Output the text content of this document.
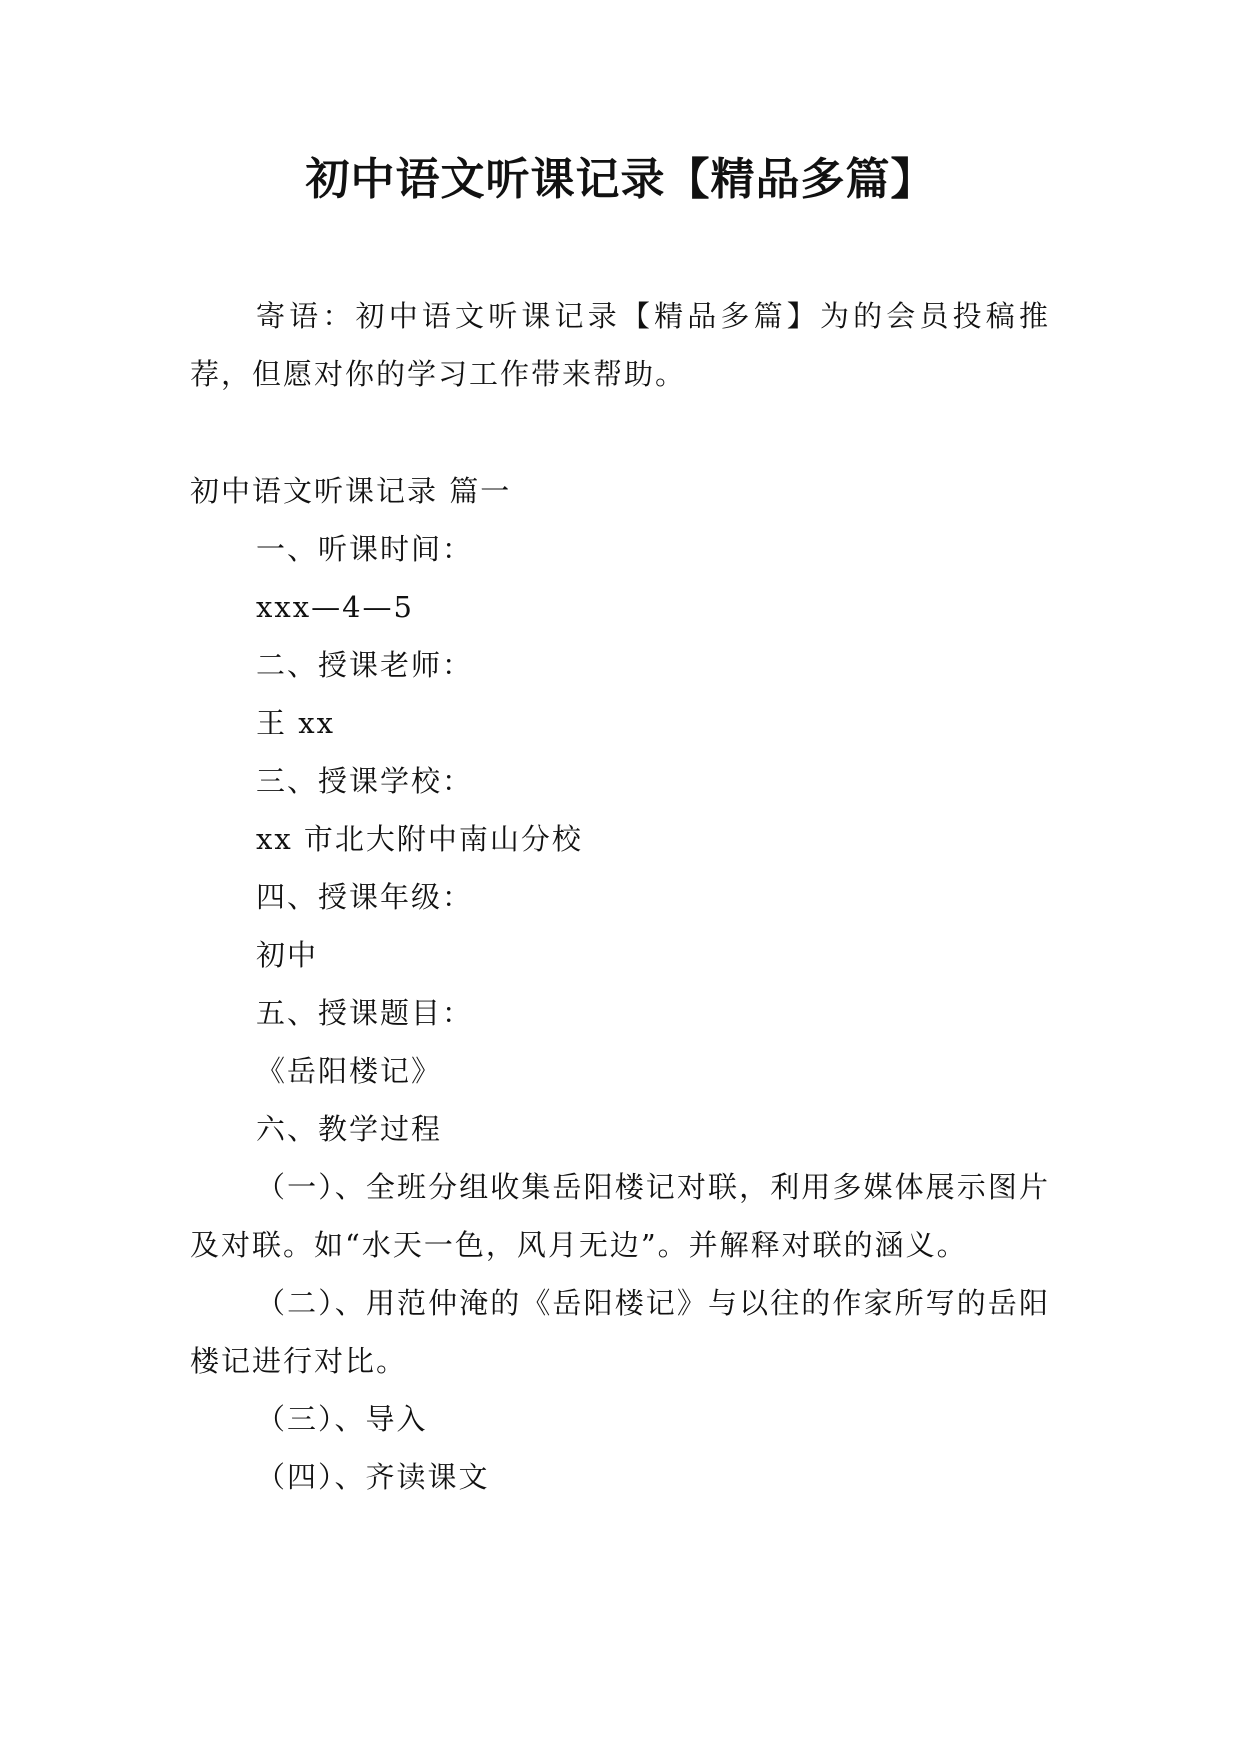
初中语文听课记录【精品多篇】

寄语：初中语文听课记录【精品多篇】为的会员投稿推荐，但愿对你的学习工作带来帮助。

初中语文听课记录 篇一

一、听课时间：

xxx—4—5

二、授课老师：

王 xx

三、授课学校：

xx 市北大附中南山分校

四、授课年级：

初中

五、授课题目：

《岳阳楼记》

六、教学过程

（一）、全班分组收集岳阳楼记对联，利用多媒体展示图片及对联。如“水天一色，风月无边”。并解释对联的涵义。

（二）、用范仲淹的《岳阳楼记》与以往的作家所写的岳阳楼记进行对比。

（三）、导入

（四）、齐读课文
